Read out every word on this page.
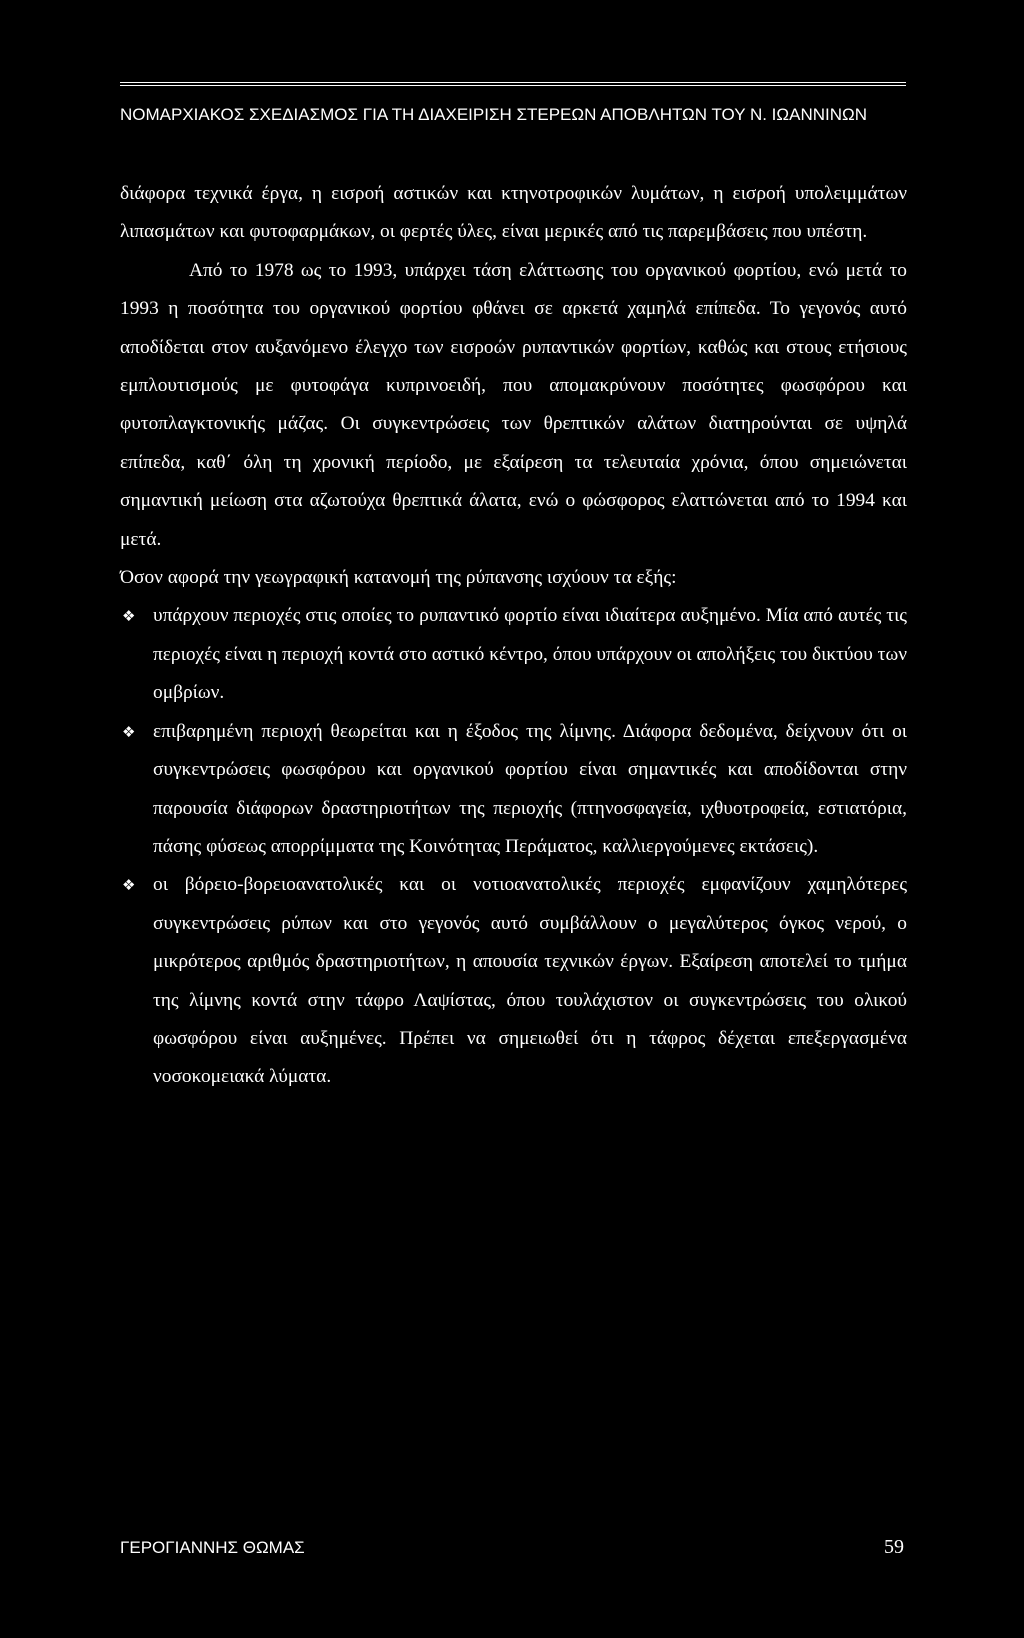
ΝΟΜΑΡΧΙΑΚΟΣ ΣΧΕΔΙΑΣΜΟΣ ΓΙΑ ΤΗ ΔΙΑΧΕΙΡΙΣΗ ΣΤΕΡΕΩΝ ΑΠΟΒΛΗΤΩΝ ΤΟΥ Ν. ΙΩΑΝΝΙΝΩΝ

διάφορα τεχνικά έργα, η εισροή αστικών και κτηνοτροφικών λυμάτων, η εισροή υπολειμμάτων λιπασμάτων και φυτοφαρμάκων, οι φερτές ύλες, είναι μερικές από τις παρεμβάσεις που υπέστη.

Από το 1978 ως το 1993, υπάρχει τάση ελάττωσης του οργανικού φορτίου, ενώ μετά το 1993 η ποσότητα του οργανικού φορτίου φθάνει σε αρκετά χαμηλά επίπεδα. Το γεγονός αυτό αποδίδεται στον αυξανόμενο έλεγχο των εισροών ρυπαντικών φορτίων, καθώς και στους ετήσιους εμπλουτισμούς με φυτοφάγα κυπρινοειδή, που απομακρύνουν ποσότητες φωσφόρου και φυτοπλαγκτονικής μάζας. Οι συγκεντρώσεις των θρεπτικών αλάτων διατηρούνται σε υψηλά επίπεδα, καθ΄ όλη τη χρονική περίοδο, με εξαίρεση τα τελευταία χρόνια, όπου σημειώνεται σημαντική μείωση στα αζωτούχα θρεπτικά άλατα, ενώ ο φώσφορος ελαττώνεται από το 1994 και μετά.

Όσον αφορά την γεωγραφική κατανομή της ρύπανσης ισχύουν τα εξής:

❖ υπάρχουν περιοχές στις οποίες το ρυπαντικό φορτίο είναι ιδιαίτερα αυξημένο. Μία από αυτές τις περιοχές είναι η περιοχή κοντά στο αστικό κέντρο, όπου υπάρχουν οι απολήξεις του δικτύου των ομβρίων.
❖ επιβαρημένη περιοχή θεωρείται και η έξοδος της λίμνης. Διάφορα δεδομένα, δείχνουν ότι οι συγκεντρώσεις φωσφόρου και οργανικού φορτίου είναι σημαντικές και αποδίδονται στην παρουσία διάφορων δραστηριοτήτων της περιοχής (πτηνοσφαγεία, ιχθυοτροφεία, εστιατόρια, πάσης φύσεως απορρίμματα της Κοινότητας Περάματος, καλλιεργούμενες εκτάσεις).
❖ οι βόρειο-βορειοανατολικές και οι νοτιοανατολικές περιοχές εμφανίζουν χαμηλότερες συγκεντρώσεις ρύπων και στο γεγονός αυτό συμβάλλουν ο μεγαλύτερος όγκος νερού, ο μικρότερος αριθμός δραστηριοτήτων, η απουσία τεχνικών έργων. Εξαίρεση αποτελεί το τμήμα της λίμνης κοντά στην τάφρο Λαψίστας, όπου τουλάχιστον οι συγκεντρώσεις του ολικού φωσφόρου είναι αυξημένες. Πρέπει να σημειωθεί ότι η τάφρος δέχεται επεξεργασμένα νοσοκομειακά λύματα.
ΓΕΡΟΓΙΑΝΝΗΣ ΘΩΜΑΣ	59
